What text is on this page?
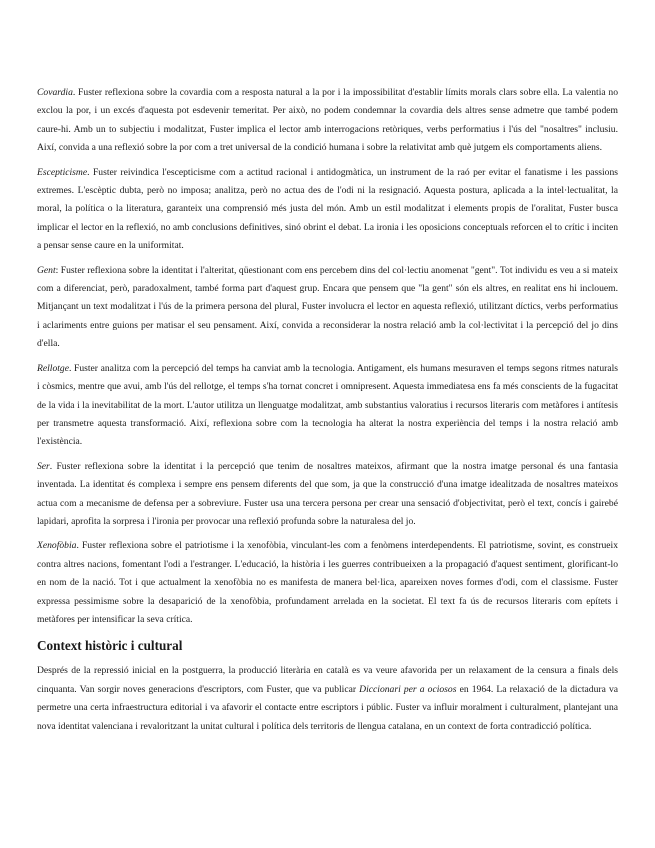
Covardia. Fuster reflexiona sobre la covardia com a resposta natural a la por i la impossibilitat d'establir límits morals clars sobre ella. La valentia no exclou la por, i un excés d'aquesta pot esdevenir temeritat. Per això, no podem condemnar la covardia dels altres sense admetre que també podem caure-hi. Amb un to subjectiu i modalitzat, Fuster implica el lector amb interrogacions retòriques, verbs performatius i l'ús del "nosaltres" inclusiu. Així, convida a una reflexió sobre la por com a tret universal de la condició humana i sobre la relativitat amb què jutgem els comportaments aliens.

Escepticisme. Fuster reivindica l'escepticisme com a actitud racional i antidogmàtica, un instrument de la raó per evitar el fanatisme i les passions extremes. L'escèptic dubta, però no imposa; analitza, però no actua des de l'odi ni la resignació. Aquesta postura, aplicada a la intel·lectualitat, la moral, la política o la literatura, garanteix una comprensió més justa del món. Amb un estil modalitzat i elements propis de l'oralitat, Fuster busca implicar el lector en la reflexió, no amb conclusions definitives, sinó obrint el debat. La ironia i les oposicions conceptuals reforcen el to crític i inciten a pensar sense caure en la uniformitat.

Gent: Fuster reflexiona sobre la identitat i l'alteritat, qüestionant com ens percebem dins del col·lectiu anomenat "gent". Tot individu es veu a si mateix com a diferenciat, però, paradoxalment, també forma part d'aquest grup. Encara que pensem que "la gent" són els altres, en realitat ens hi inclouem. Mitjançant un text modalitzat i l'ús de la primera persona del plural, Fuster involucra el lector en aquesta reflexió, utilitzant díctics, verbs performatius i aclariments entre guions per matisar el seu pensament. Així, convida a reconsiderar la nostra relació amb la col·lectivitat i la percepció del jo dins d'ella.

Rellotge. Fuster analitza com la percepció del temps ha canviat amb la tecnologia. Antigament, els humans mesuraven el temps segons ritmes naturals i còsmics, mentre que avui, amb l'ús del rellotge, el temps s'ha tornat concret i omnipresent. Aquesta immediatesa ens fa més conscients de la fugacitat de la vida i la inevitabilitat de la mort. L'autor utilitza un llenguatge modalitzat, amb substantius valoratius i recursos literaris com metàfores i antítesis per transmetre aquesta transformació. Així, reflexiona sobre com la tecnologia ha alterat la nostra experiència del temps i la nostra relació amb l'existència.

Ser. Fuster reflexiona sobre la identitat i la percepció que tenim de nosaltres mateixos, afirmant que la nostra imatge personal és una fantasia inventada. La identitat és complexa i sempre ens pensem diferents del que som, ja que la construcció d'una imatge idealitzada de nosaltres mateixos actua com a mecanisme de defensa per a sobreviure. Fuster usa una tercera persona per crear una sensació d'objectivitat, però el text, concís i gairebé lapidari, aprofita la sorpresa i l'ironia per provocar una reflexió profunda sobre la naturalesa del jo.

Xenofòbia. Fuster reflexiona sobre el patriotisme i la xenofòbia, vinculant-les com a fenòmens interdependents. El patriotisme, sovint, es construeix contra altres nacions, fomentant l'odi a l'estranger. L'educació, la història i les guerres contribueixen a la propagació d'aquest sentiment, glorificant-lo en nom de la nació. Tot i que actualment la xenofòbia no es manifesta de manera bel·lica, apareixen noves formes d'odi, com el classisme. Fuster expressa pessimisme sobre la desaparició de la xenofòbia, profundament arrelada en la societat. El text fa ús de recursos literaris com epítets i metàfores per intensificar la seva crítica.

Context històric i cultural

Després de la repressió inicial en la postguerra, la producció literària en català es va veure afavorida per un relaxament de la censura a finals dels cinquanta. Van sorgir noves generacions d'escriptors, com Fuster, que va publicar Diccionari per a ociosos en 1964. La relaxació de la dictadura va permetre una certa infraestructura editorial i va afavorir el contacte entre escriptors i públic. Fuster va influir moralment i culturalment, plantejant una nova identitat valenciana i revaloritzant la unitat cultural i política dels territoris de llengua catalana, en un context de forta contradicció política.
